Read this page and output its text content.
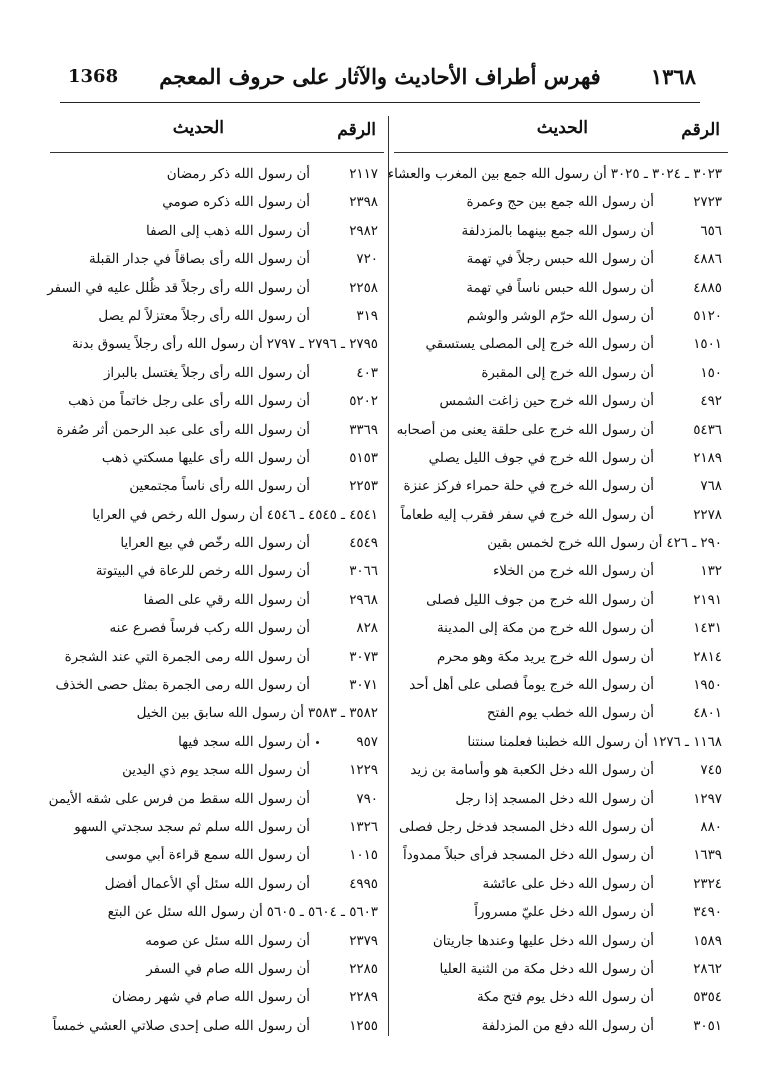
1368	فهرس أطراف الأحاديث والآثار على حروف المعجم	١٣٦٨
الرقم
الحديث
٣٠٢٣ ـ ٣٠٢٤ ـ ٣٠٢٥
أن رسول الله جمع بين المغرب والعشاء
٢٧٢٣
أن رسول الله جمع بين حج وعمرة
٦٥٦
أن رسول الله جمع بينهما بالمزدلفة
٤٨٨٦
أن رسول الله حبس رجلاً في تهمة
٤٨٨٥
أن رسول الله حبس ناساً في تهمة
٥١٢٠
أن رسول الله حرّم الوشر والوشم
١٥٠١
أن رسول الله خرج إلى المصلى يستسقي
١٥٠
أن رسول الله خرج إلى المقبرة
٤٩٢
أن رسول الله خرج حين زاغت الشمس
٥٤٣٦
أن رسول الله خرج على حلقة يعنى من أصحابه
٢١٨٩
أن رسول الله خرج في جوف الليل يصلي
٧٦٨
أن رسول الله خرج في حلة حمراء فركز عنزة
٢٢٧٨
أن رسول الله خرج في سفر فقرب إليه طعاماً
٢٩٠ ـ ٤٢٦
أن رسول الله خرج لخمس بقين
١٣٢
أن رسول الله خرج من الخلاء
٢١٩١
أن رسول الله خرج من جوف الليل فصلى
١٤٣١
أن رسول الله خرج من مكة إلى المدينة
٢٨١٤
أن رسول الله خرج يريد مكة وهو محرم
١٩٥٠
أن رسول الله خرج يوماً فصلى على أهل أحد
٤٨٠١
أن رسول الله خطب يوم الفتح
١١٦٨ ـ ١٢٧٦
أن رسول الله خطبنا فعلمنا سنتنا
٧٤٥
أن رسول الله دخل الكعبة هو وأسامة بن زيد
١٢٩٧
أن رسول الله دخل المسجد إذا رجل
٨٨٠
أن رسول الله دخل المسجد فدخل رجل فصلى
١٦٣٩
أن رسول الله دخل المسجد فرأى حبلاً ممدوداً
٢٣٢٤
أن رسول الله دخل على عائشة
٣٤٩٠
أن رسول الله دخل عليّ مسروراً
١٥٨٩
أن رسول الله دخل عليها وعندها جاريتان
٢٨٦٢
أن رسول الله دخل مكة من الثنية العليا
٥٣٥٤
أن رسول الله دخل يوم فتح مكة
٣٠٥١
أن رسول الله دفع من المزدلفة
الرقم
الحديث
٢١١٧
أن رسول الله ذكر رمضان
٢٣٩٨
أن رسول الله ذكره صومي
٢٩٨٢
أن رسول الله ذهب إلى الصفا
٧٢٠
أن رسول الله رأى بصاقاً في جدار القبلة
٢٢٥٨
أن رسول الله رأى رجلاً قد ظُلل عليه في السفر
٣١٩
أن رسول الله رأى رجلاً معتزلاً لم يصل
٢٧٩٥ ـ ٢٧٩٦ ـ ٢٧٩٧
أن رسول الله رأى رجلاً يسوق بدنة
٤٠٣
أن رسول الله رأى رجلاً يغتسل بالبراز
٥٢٠٢
أن رسول الله رأى على رجل خاتماً من ذهب
٣٣٦٩
أن رسول الله رأى على عبد الرحمن أثر صُفرة
٥١٥٣
أن رسول الله رأى عليها مسكتي ذهب
٢٢٥٣
أن رسول الله رأى ناساً مجتمعين
٤٥٤١ ـ ٤٥٤٥ ـ ٤٥٤٦
أن رسول الله رخص في العرايا
٤٥٤٩
أن رسول الله رخّص في بيع العرايا
٣٠٦٦
أن رسول الله رخص للرعاة في البيتوتة
٢٩٦٨
أن رسول الله رقي على الصفا
٨٢٨
أن رسول الله ركب فرساً فصرع عنه
٣٠٧٣
أن رسول الله رمى الجمرة التي عند الشجرة
٣٠٧١
أن رسول الله رمى الجمرة بمثل حصى الخذف
٣٥٨٢ ـ ٣٥٨٣
أن رسول الله سابق بين الخيل
٩٥٧
أن رسول الله سجد فيها
١٢٢٩
أن رسول الله سجد يوم ذي اليدين
٧٩٠
أن رسول الله سقط من فرس على شقه الأيمن
١٣٢٦
أن رسول الله سلم ثم سجد سجدتي السهو
١٠١٥
أن رسول الله سمع قراءة أبي موسى
٤٩٩٥
أن رسول الله سئل أي الأعمال أفضل
٥٦٠٣ ـ ٥٦٠٤ ـ ٥٦٠٥
أن رسول الله سئل عن البتع
٢٣٧٩
أن رسول الله سئل عن صومه
٢٢٨٥
أن رسول الله صام في السفر
٢٢٨٩
أن رسول الله صام في شهر رمضان
١٢٥٥
أن رسول الله صلى إحدى صلاتي العشي خمساً
